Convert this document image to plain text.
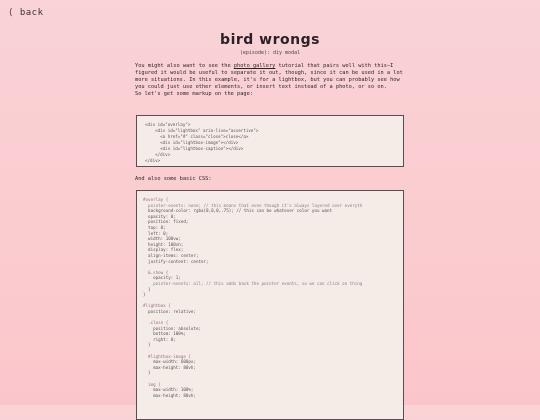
⟨ back
bird wrongs
(episode): diy modal
You might also want to see the photo gallery tutorial that pairs well with this—I figured it would be useful to separate it out, though, since it can be used in a lot more situations. In this example, it's for a lightbox, but you can probably see how you could just use other elements, or insert text instead of a photo, or so on.
So let's get some markup on the page:
<div id="overlay">
<div id="lightbox" aria-live="assertive">
<a href="#" class="close">close</a>
<div id="lightbox-image"></div>
<div id="lightbox-caption"></div>
</div>
</div>
And also some basic CSS:
#overlay {
pointer-events: none; // this means that even though it's always layered over everyth
background-color: rgba(0,0,0,.75); // this can be whatever color you want
opacity: 0;
position: fixed;
top: 0;
left: 0;
width: 100vw;
height: 100vh;
display: flex;
align-items: center;
justify-content: center;

&.show {
opacity: 1;
pointer-events: all; // this adds back the pointer events, so we can click on thing
}
}

#lightbox {
position: relative;

.close {
position: absolute;
bottom: 100%;
right: 0;
}

#lightbox-image {
max-width: 600px;
max-height: 80vh;
}

img {
max-width: 100%;
max-height: 80vh;
